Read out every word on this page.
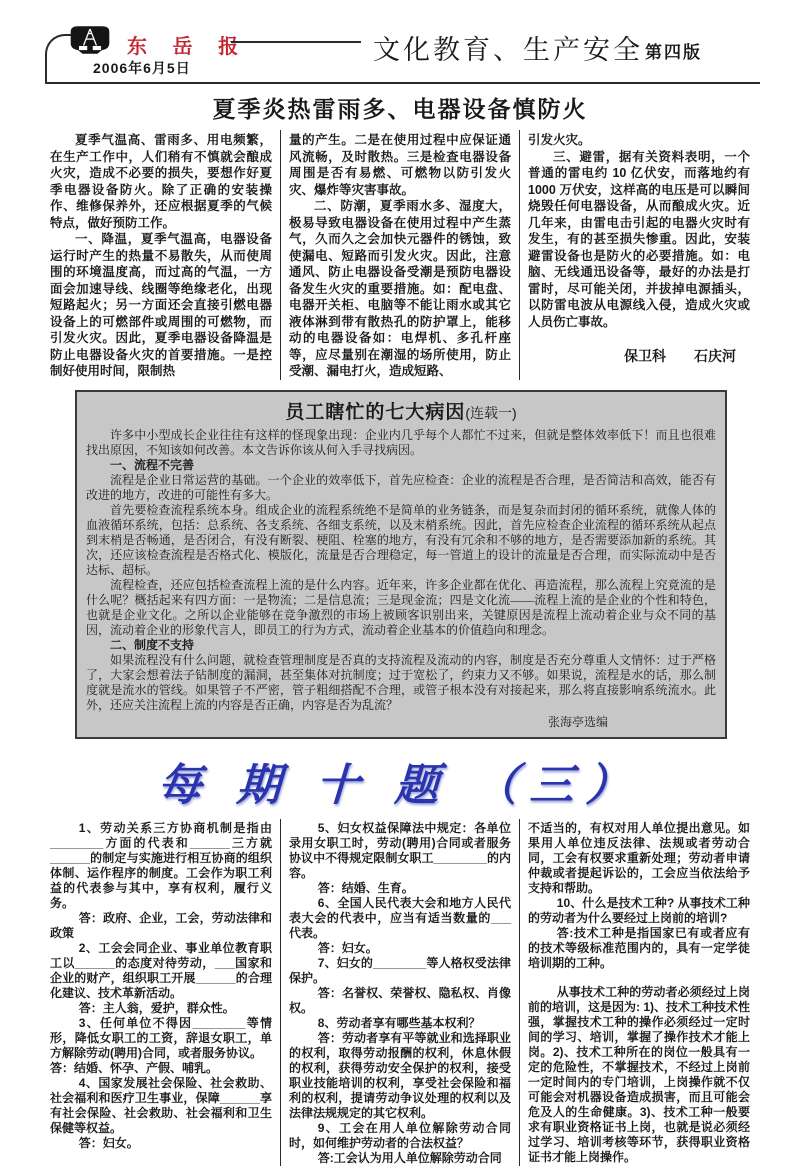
东 岳 报
2006年6月5日
文化教育、生产安全 第四版
夏季炎热雷雨多、电器设备慎防火

夏季气温高、雷雨多、用电频繁，在生产工作中，人们稍有不慎就会酿成火灾，造成不必要的损失，要想作好夏季电器设备防火。除了正确的安装操作、维修保养外，还应根据夏季的气候特点，做好预防工作。

一、降温，夏季气温高，电器设备运行时产生的热量不易散失，从而使周围的环境温度高，而过高的气温，一方面会加速导线、线圈等绝缘老化，出现短路起火；另一方面还会直接引燃电器设备上的可燃部件或周围的可燃物，而引发火灾。因此，夏季电器设备降温是防止电器设备火灾的首要措施。一是控制好使用时间，限制热

量的产生。二是在使用过程中应保证通风流畅，及时散热。三是检查电器设备周围是否有易燃、可燃物以防引发火灾、爆炸等灾害事故。

二、防潮，夏季雨水多、湿度大，极易导致电器设备在使用过程中产生蒸气，久而久之会加快元器件的锈蚀，致使漏电、短路而引发火灾。因此，注意通风、防止电器设备受潮是预防电器设备发生火灾的重要措施。如：配电盘、电器开关柜、电脑等不能让雨水或其它液体淋到带有散热孔的防护罩上，能移动的电器设备如：电焊机、多孔杆座等，应尽量别在潮湿的场所使用，防止受潮、漏电打火，造成短路、

引发火灾。

三、避雷，据有关资料表明，一个普通的雷电约 10 亿伏安，而落地约有 1000 万伏安，这样高的电压是可以瞬间烧毁任何电器设备，从而酿成火灾。近几年来，由雷电击引起的电器火灾时有发生，有的甚至损失惨重。因此，安装避雷设备也是防火的必要措施。如：电脑、无线通迅设备等，最好的办法是打雷时，尽可能关闭，并拔掉电源插头，以防雷电波从电源线入侵，造成火灾或人员伤亡事故。

保卫科　　石庆河
员工瞎忙的七大病因(连载一)

许多中小型成长企业往往有这样的怪现象出现：企业内几乎每个人都忙不过来，但就是整体效率低下！而且也很难找出原因，不知该如何改善。本文告诉你该从何入手寻找病因。

一、流程不完善

流程是企业日常运营的基础。一个企业的效率低下，首先应检查：企业的流程是否合理，是否简洁和高效，能否有改进的地方，改进的可能性有多大。

首先要检查流程系统本身。组成企业的流程系统绝不是简单的业务链条，而是复杂而封闭的循环系统，就像人体的血液循环系统，包括：总系统、各支系统、各细支系统，以及末梢系统。因此，首先应检查企业流程的循环系统从起点到末梢是否畅通，是否闭合，有没有断裂、梗阻、栓塞的地方，有没有冗余和不够的地方，是否需要添加新的系统。其次，还应该检查流程是否格式化、模版化，流量是否合理稳定，每一管道上的设计的流量是否合理，而实际流动中是否达标、超标。

流程检查，还应包括检查流程上流的是什么内容。近年来，许多企业都在优化、再造流程，那么流程上究竟流的是什么呢？概括起来有四方面：一是物流；二是信息流；三是现金流；四是文化流——流程上流的是企业的个性和特色，也就是企业文化。之所以企业能够在竞争激烈的市场上被顾客识别出来，关键原因是流程上流动着企业与众不同的基因，流动着企业的形象代言人，即员工的行为方式，流动着企业基本的价值趋向和理念。

二、制度不支持

如果流程没有什么问题，就检查管理制度是否真的支持流程及流动的内容，制度是否充分尊重人文情怀：过于严格了，大家会想着法子钻制度的漏洞，甚至集体对抗制度；过于宽松了，约束力又不够。如果说，流程是水的话，那么制度就是流水的管线。如果管子不严密，管子粗细搭配不合理，或管子根本没有对接起来，那么将直接影响系统流水。此外，还应关注流程上流的内容是否正确，内容是否为乱流？

张海亭选编
每 期 十 题 （三）

1、劳动关系三方协商机制是指由________方面的代表和______三方就______的制定与实施进行相互协商的组织体制、运作程序的制度。工会作为职工利益的代表参与其中，享有权利，履行义务。

答：政府、企业，工会，劳动法律和政策

2、工会会同企业、事业单位教育职工以______的态度对待劳动，___国家和企业的财产，组织职工开展______的合理化建议、技术革新活动。

答：主人翁，爱护，群众性。

3、任何单位不得因________等情形，降低女职工的工资，辞退女职工，单方解除劳动(聘用)合同，或者服务协议。

答：结婚、怀孕、产假、哺乳。

4、国家发展社会保险、社会救助、社会福利和医疗卫生事业，保障______享有社会保险、社会救助、社会福利和卫生保健等权益。

答：妇女。

5、妇女权益保障法中规定：各单位录用女职工时，劳动(聘用)合同或者服务协议中不得规定限制女职工________的内容。

答：结婚、生育。

6、全国人民代表大会和地方人民代表大会的代表中，应当有适当数量的___代表。

答：妇女。

7、妇女的________等人格权受法律保护。

答：名誉权、荣誉权、隐私权、肖像权。

8、劳动者享有哪些基本权利？

答：劳动者享有平等就业和选择职业的权利，取得劳动报酬的权利，休息休假的权利，获得劳动安全保护的权利，接受职业技能培训的权利，享受社会保险和福利的权利，提请劳动争议处理的权利以及法律法规规定的其它权利。

9、工会在用人单位解除劳动合同时，如何维护劳动者的合法权益？

答:工会认为用人单位解除劳动合同

不适当的，有权对用人单位提出意见。如果用人单位违反法律、法规或者劳动合同，工会有权要求重新处理；劳动者申请仲裁或者提起诉讼的，工会应当依法给予支持和帮助。

10、什么是技术工种? 从事技术工种的劳动者为什么要经过上岗前的培训?

答:技术工种是指国家已有或者应有的技术等级标准范围内的，具有一定学徒培训期的工种。

从事技术工种的劳动者必须经过上岗前的培训，这是因为: 1)、技术工种技术性强，掌握技术工种的操作必须经过一定时间的学习、培训，掌握了操作技术才能上岗。2)、技术工种所在的岗位一般具有一定的危险性，不掌握技术，不经过上岗前一定时间内的专门培训，上岗操作就不仅可能会对机器设备造成损害，而且可能会危及人的生命健康。3)、技术工种一般要求有职业资格证书上岗，也就是说必须经过学习、培训考核等环节，获得职业资格证书才能上岗操作。
